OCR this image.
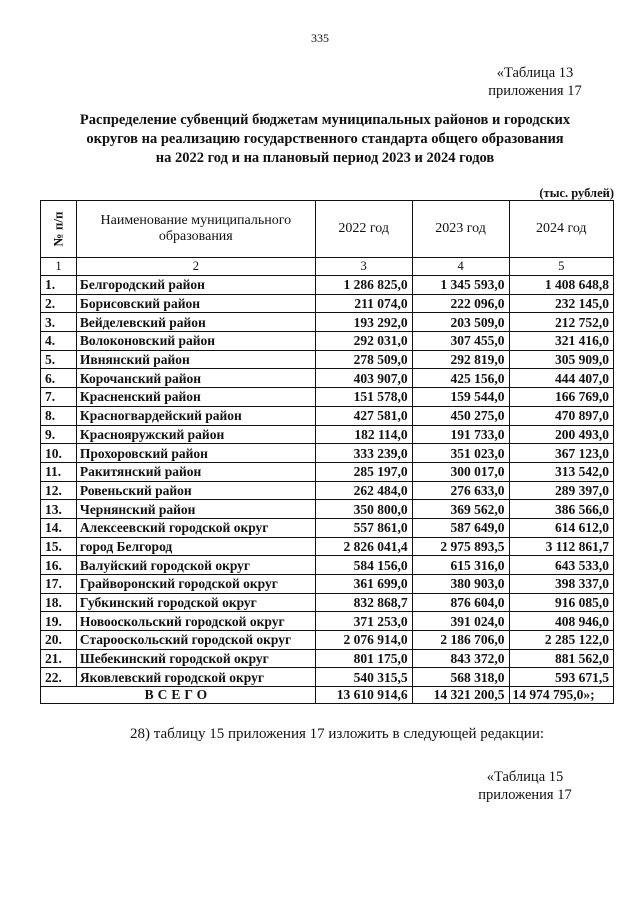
335
«Таблица 13
приложения 17
Распределение субвенций бюджетам муниципальных районов и городских
округов на реализацию государственного стандарта общего образования
на 2022 год и на плановый период 2023 и 2024 годов
(тыс. рублей)
№ п/п	Наименование муниципального образования	2022 год	2023 год	2024 год
1	2	3	4	5
1.	Белгородский район	1 286 825,0	1 345 593,0	1 408 648,8
2.	Борисовский район	211 074,0	222 096,0	232 145,0
3.	Вейделевский район	193 292,0	203 509,0	212 752,0
4.	Волоконовский район	292 031,0	307 455,0	321 416,0
5.	Ивнянский район	278 509,0	292 819,0	305 909,0
6.	Корочанский район	403 907,0	425 156,0	444 407,0
7.	Красненский район	151 578,0	159 544,0	166 769,0
8.	Красногвардейский район	427 581,0	450 275,0	470 897,0
9.	Краснояружский район	182 114,0	191 733,0	200 493,0
10.	Прохоровский район	333 239,0	351 023,0	367 123,0
11.	Ракитянский район	285 197,0	300 017,0	313 542,0
12.	Ровеньский район	262 484,0	276 633,0	289 397,0
13.	Чернянский район	350 800,0	369 562,0	386 566,0
14.	Алексеевский городской округ	557 861,0	587 649,0	614 612,0
15.	город Белгород	2 826 041,4	2 975 893,5	3 112 861,7
16.	Валуйский городской округ	584 156,0	615 316,0	643 533,0
17.	Грайворонский городской округ	361 699,0	380 903,0	398 337,0
18.	Губкинский городской округ	832 868,7	876 604,0	916 085,0
19.	Новооскольский городской округ	371 253,0	391 024,0	408 946,0
20.	Старооскольский городской округ	2 076 914,0	2 186 706,0	2 285 122,0
21.	Шебекинский городской округ	801 175,0	843 372,0	881 562,0
22.	Яковлевский городской округ	540 315,5	568 318,0	593 671,5
ВСЕГО		13 610 914,6	14 321 200,5	14 974 795,0»;
28) таблицу 15 приложения 17 изложить в следующей редакции:
«Таблица 15
приложения 17
